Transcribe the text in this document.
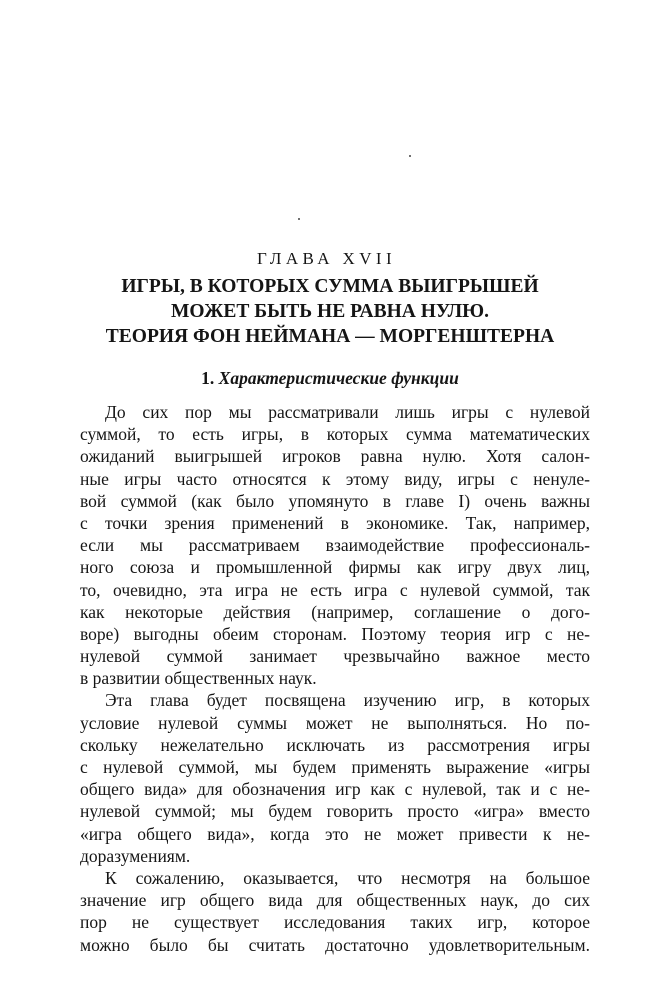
ГЛАВА XVII
ИГРЫ, В КОТОРЫХ СУММА ВЫИГРЫШЕЙ
МОЖЕТ БЫТЬ НЕ РАВНА НУЛЮ.
ТЕОРИЯ ФОН НЕЙМАНА — МОРГЕНШТЕРНА
1. Характеристические функции
До сих пор мы рассматривали лишь игры с нулевой
суммой, то есть игры, в которых сумма математических
ожиданий выигрышей игроков равна нулю. Хотя салон-
ные игры часто относятся к этому виду, игры с ненуле-
вой суммой (как было упомянуто в главе I) очень важны
с точки зрения применений в экономике. Так, например,
если мы рассматриваем взаимодействие профессиональ-
ного союза и промышленной фирмы как игру двух лиц,
то, очевидно, эта игра не есть игра с нулевой суммой, так
как некоторые действия (например, соглашение о дого-
воре) выгодны обеим сторонам. Поэтому теория игр с не-
нулевой суммой занимает чрезвычайно важное место
в развитии общественных наук.
Эта глава будет посвящена изучению игр, в которых
условие нулевой суммы может не выполняться. Но по-
скольку нежелательно исключать из рассмотрения игры
с нулевой суммой, мы будем применять выражение «игры
общего вида» для обозначения игр как с нулевой, так и с не-
нулевой суммой; мы будем говорить просто «игра» вместо
«игра общего вида», когда это не может привести к не-
доразумениям.
К сожалению, оказывается, что несмотря на большое
значение игр общего вида для общественных наук, до сих
пор не существует исследования таких игр, которое
можно было бы считать достаточно удовлетворительным.
